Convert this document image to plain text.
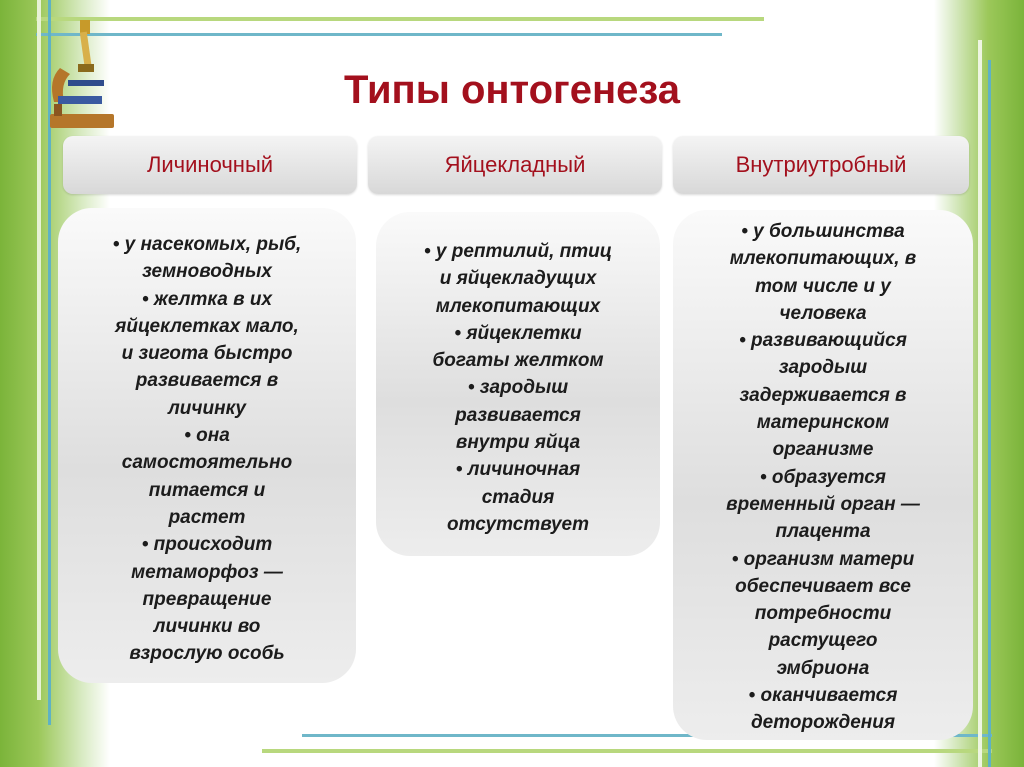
Типы онтогенеза
Личиночный	Яйцекладный	Внутриутробный
• у насекомых, рыб,
земноводных
• желтка в их
яйцеклетках мало,
и зигота быстро
развивается в
личинку
• она
самостоятельно
питается и
растет
• происходит
метаморфоз —
превращение
личинки во
взрослую особь
• у рептилий, птиц
и яйцекладущих
млекопитающих
• яйцеклетки
богаты желтком
• зародыш
развивается
внутри яйца
• личиночная
стадия
отсутствует
• у большинства
млекопитающих, в
том числе и у
человека
• развивающийся
зародыш
задерживается в
материнском
организме
• образуется
временный орган —
плацента
• организм матери
обеспечивает все
потребности
растущего
эмбриона
• оканчивается
деторождения
